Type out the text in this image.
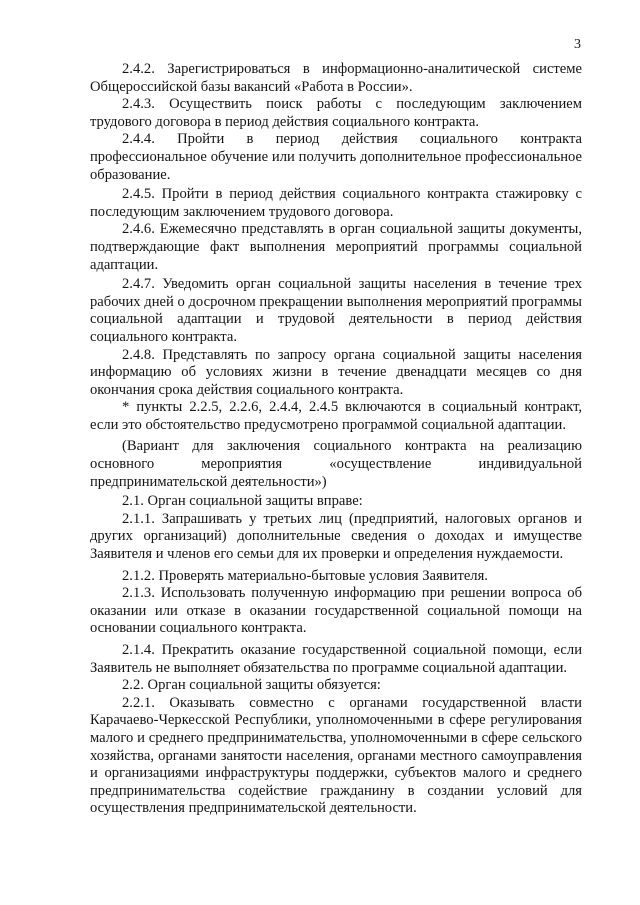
3

2.4.2. Зарегистрироваться в информационно-аналитической системе Общероссийской базы вакансий «Работа в России».

2.4.3. Осуществить поиск работы с последующим заключением трудового договора в период действия социального контракта.

2.4.4. Пройти в период действия социального контракта профессиональное обучение или получить дополнительное профессиональное образование.

2.4.5. Пройти в период действия социального контракта стажировку с последующим заключением трудового договора.

2.4.6. Ежемесячно представлять в орган социальной защиты документы, подтверждающие факт выполнения мероприятий программы социальной адаптации.

2.4.7. Уведомить орган социальной защиты населения в течение трех рабочих дней о досрочном прекращении выполнения мероприятий программы социальной адаптации и трудовой деятельности в период действия социального контракта.

2.4.8. Представлять по запросу органа социальной защиты населения информацию об условиях жизни в течение двенадцати месяцев со дня окончания срока действия социального контракта.

* пункты 2.2.5, 2.2.6, 2.4.4, 2.4.5 включаются в социальный контракт, если это обстоятельство предусмотрено программой социальной адаптации.

(Вариант для заключения социального контракта на реализацию основного мероприятия «осуществление индивидуальной предпринимательской деятельности»)

2.1. Орган социальной защиты вправе:

2.1.1. Запрашивать у третьих лиц (предприятий, налоговых органов и других организаций) дополнительные сведения о доходах и имуществе Заявителя и членов его семьи для их проверки и определения нуждаемости.

2.1.2. Проверять материально-бытовые условия Заявителя.

2.1.3. Использовать полученную информацию при решении вопроса об оказании или отказе в оказании государственной социальной помощи на основании социального контракта.

2.1.4. Прекратить оказание государственной социальной помощи, если Заявитель не выполняет обязательства по программе социальной адаптации.

2.2. Орган социальной защиты обязуется:

2.2.1. Оказывать совместно с органами государственной власти Карачаево-Черкесской Республики, уполномоченными в сфере регулирования малого и среднего предпринимательства, уполномоченными в сфере сельского хозяйства, органами занятости населения, органами местного самоуправления и организациями инфраструктуры поддержки, субъектов малого и среднего предпринимательства содействие гражданину в создании условий для осуществления предпринимательской деятельности.
